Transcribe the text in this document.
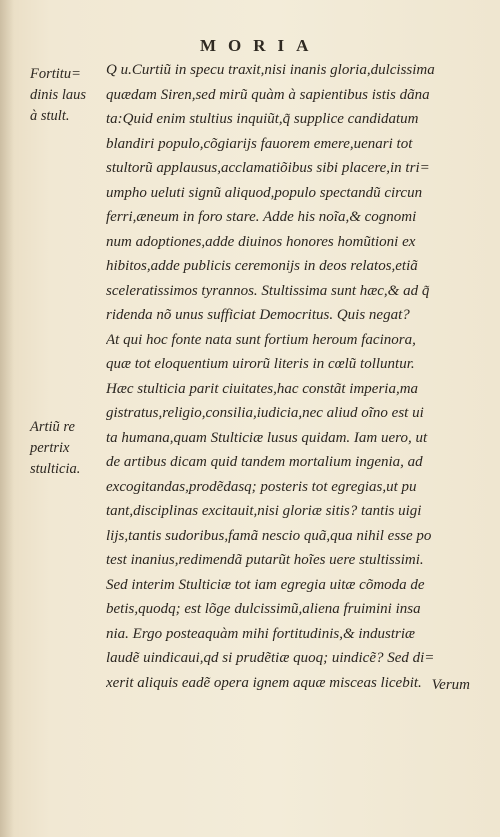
MORIA
Fortitu=
dinis laus
à stult.
Artiũ re
pertrix
stulticia.
Q u.Curtiũ in specu traxit,nisi inanis gloria,dulcissima
quædam Siren,sed mirũ quàm à sapientibus istis dãna
ta:Quid enim stultius inquiũt,q̃ supplice candidatum
blandiri populo,cõgiarijs fauorem emere,uenari tot
stultorũ applausus,acclamatiõibus sibi placere,in tri=
umpho ueluti signũ aliquod,populo spectandũ circun
ferri,æneum in foro stare. Adde his noĩa,& cognomi
num adoptiones,adde diuinos honores homũtioni ex
hibitos,adde publicis ceremonijs in deos relatos,etiã
sceleratissimos tyrannos. Stultissima sunt hæc,& ad q̃
ridenda nõ unus sufficiat Democritus. Quis negat?
At qui hoc fonte nata sunt fortium heroum facinora,
quæ tot eloquentium uirorũ literis in cœlũ tolluntur.
Hæc stulticia parit ciuitates,hac constãt imperia,ma
gistratus,religio,consilia,iudicia,nec aliud oĩno est ui
ta humana,quam Stulticiæ lusus quidam. Iam uero, ut
de artibus dicam quid tandem mortalium ingenia, ad
excogitandas,prodẽdasq; posteris tot egregias,ut pu
tant,disciplinas excitauit,nisi gloriæ sitis? tantis uigi
lijs,tantis sudoribus,famã nescio quã,qua nihil esse po
test inanius,redimendã putarũt hoĩes uere stultissimi.
Sed interim Stulticiæ tot iam egregia uitæ cõmoda de
betis,quodq; est lõge dulcissimũ,aliena fruimini insa
nia. Ergo posteaquàm mihi fortitudinis,& industriæ
laudẽ uindicaui,qd si prudẽtiæ quoq; uindicẽ? Sed di=
xerit aliquis eadẽ opera ignem aquæ misceas licebit. Verum
